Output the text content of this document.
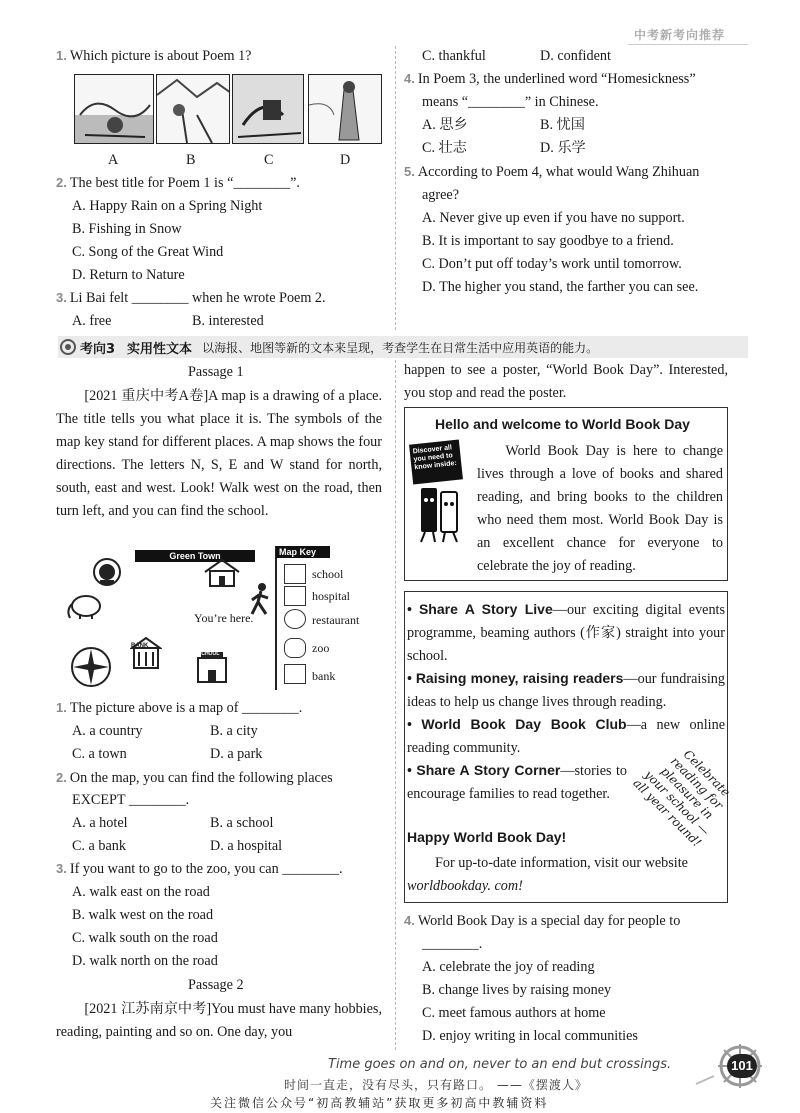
中考新考向推荐
1. Which picture is about Poem 1?
A	B	C	D
2. The best title for Poem 1 is “________”.
A. Happy Rain on a Spring Night
B. Fishing in Snow
C. Song of the Great Wind
D. Return to Nature
3. Li Bai felt ________ when he wrote Poem 2.
A. free	B. interested
C. thankful	D. confident
4. In Poem 3, the underlined word “Homesickness”
means “________” in Chinese.
A. 思乡	B. 忧国
C. 壮志	D. 乐学
5. According to Poem 4, what would Wang Zhihuan
agree?
A. Never give up even if you have no support.
B. It is important to say goodbye to a friend.
C. Don’t put off today’s work until tomorrow.
D. The higher you stand, the farther you can see.
考向3 实用性文本 以海报、地图等新的文本来呈现，考查学生在日常生活中应用英语的能力。
Passage 1
[2021 重庆中考A卷]A map is a drawing of a place. The title tells you what place it is. The symbols of the map key stand for different places. A map shows the four directions. The letters N, S, E and W stand for north, south, east and west. Look! Walk west on the road, then turn left, and you can find the school.
Green Town
You’re here.
BANK
SCHOOL
Map Key
school
hospital
restaurant
zoo
bank
1. The picture above is a map of ________.
A. a country	B. a city
C. a town	D. a park
2. On the map, you can find the following places
EXCEPT ________.
A. a hotel	B. a school
C. a bank	D. a hospital
3. If you want to go to the zoo, you can ________.
A. walk east on the road
B. walk west on the road
C. walk south on the road
D. walk north on the road
Passage 2
[2021 江苏南京中考]You must have many hobbies, reading, painting and so on. One day, you
happen to see a poster, “World Book Day”. Interested, you stop and read the poster.
Hello and welcome to World Book Day
Discover all you need to know inside:
World Book Day is here to change lives through a love of books and shared reading, and bring books to the children who need them most. World Book Day is an excellent chance for everyone to celebrate the joy of reading.
• Share A Story Live—our exciting digital events programme, beaming authors (作家) straight into your school.
• Raising money, raising readers—our fundraising ideas to help us change lives through reading.
• World Book Day Book Club—a new online reading community.
• Share A Story Corner—stories to encourage families to read together.	Celebrate reading for pleasure in your school —all year round!
Happy World Book Day!
For up-to-date information, visit our website
worldbookday. com!
4. World Book Day is a special day for people to
________.
A. celebrate the joy of reading
B. change lives by raising money
C. meet famous authors at home
D. enjoy writing in local communities
Time goes on and on, never to an end but crossings.
时间一直走，没有尽头，只有路口。 ——《摆渡人》
101
关注微信公众号“初高教辅站”获取更多初高中教辅资料
